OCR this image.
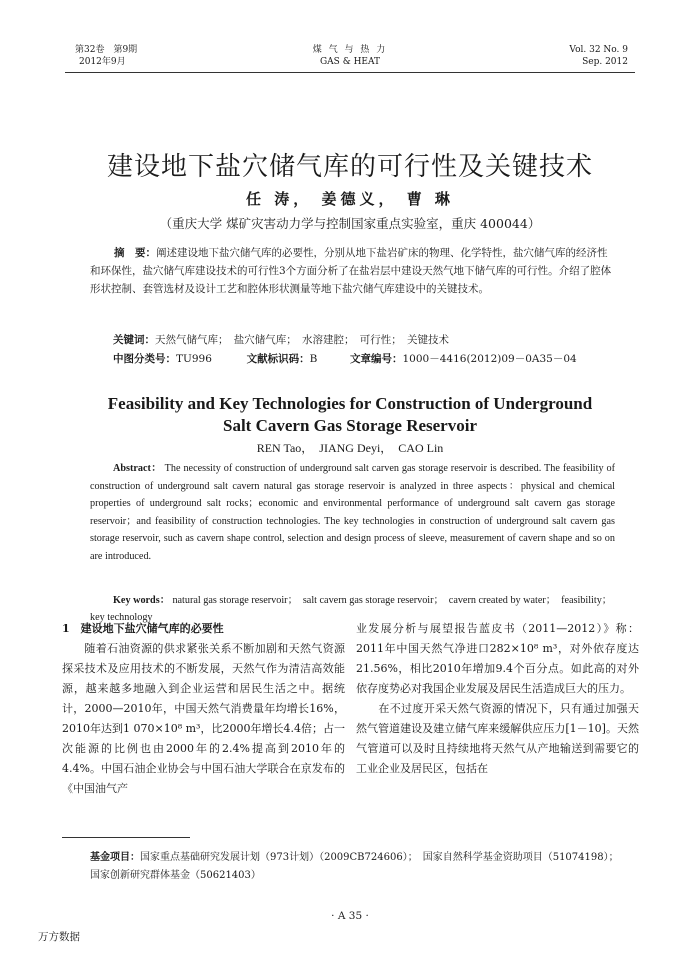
第32卷　第9期
2012年9月
煤 气 与 热 力
GAS & HEAT
Vol. 32 No. 9
Sep. 2012
建设地下盐穴储气库的可行性及关键技术
任 涛， 姜德义， 曹 琳
（重庆大学 煤矿灾害动力学与控制国家重点实验室，重庆 400044）
摘　要：阐述建设地下盐穴储气库的必要性，分别从地下盐岩矿床的物理、化学特性，盐穴储气库的经济性和环保性，盐穴储气库建设技术的可行性3个方面分析了在盐岩层中建设天然气地下储气库的可行性。介绍了腔体形状控制、套管选材及设计工艺和腔体形状测量等地下盐穴储气库建设中的关键技术。
关键词：天然气储气库；　盐穴储气库；　水溶建腔；　可行性；　关键技术
中图分类号：TU996	文献标识码：B	文章编号：1000－4416(2012)09－0A35－04
Feasibility and Key Technologies for Construction of Underground
Salt Cavern Gas Storage Reservoir
REN Tao，　JIANG Deyi，　CAO Lin
Abstract： The necessity of construction of underground salt carven gas storage reservoir is described. The feasibility of construction of underground salt cavern natural gas storage reservoir is analyzed in three aspects：physical and chemical properties of underground salt rocks；economic and environmental performance of underground salt cavern gas storage reservoir；and feasibility of construction technologies. The key technologies in construction of underground salt cavern gas storage reservoir, such as cavern shape control, selection and design process of sleeve, measurement of cavern shape and so on are introduced.
Key words： natural gas storage reservoir；　salt cavern gas storage reservoir；　cavern created by water；　feasibility；　key technology
1　建设地下盐穴储气库的必要性
随着石油资源的供求紧张关系不断加剧和天然气资源探采技术及应用技术的不断发展，天然气作为清洁高效能源，越来越多地融入到企业运营和居民生活之中。据统计，2000—2010年，中国天然气消费量年均增长16%，2010年达到1 070×10⁸ m³，比2000年增长4.4倍；占一次能源的比例也由2000年的2.4%提高到2010年的4.4%。中国石油企业协会与中国石油大学联合在京发布的《中国油气产
业发展分析与展望报告蓝皮书（2011—2012）》称：2011年中国天然气净进口282×10⁸ m³，对外依存度达21.56%，相比2010年增加9.4个百分点。如此高的对外依存度势必对我国企业发展及居民生活造成巨大的压力。
在不过度开采天然气资源的情况下，只有通过加强天然气管道建设及建立储气库来缓解供应压力[1－10]。天然气管道可以及时且持续地将天然气从产地输送到需要它的工业企业及居民区，包括在
基金项目：国家重点基础研究发展计划（973计划）（2009CB724606）；　国家自然科学基金资助项目（51074198）；　国家创新研究群体基金（50621403）
· A 35 ·
万方数据
